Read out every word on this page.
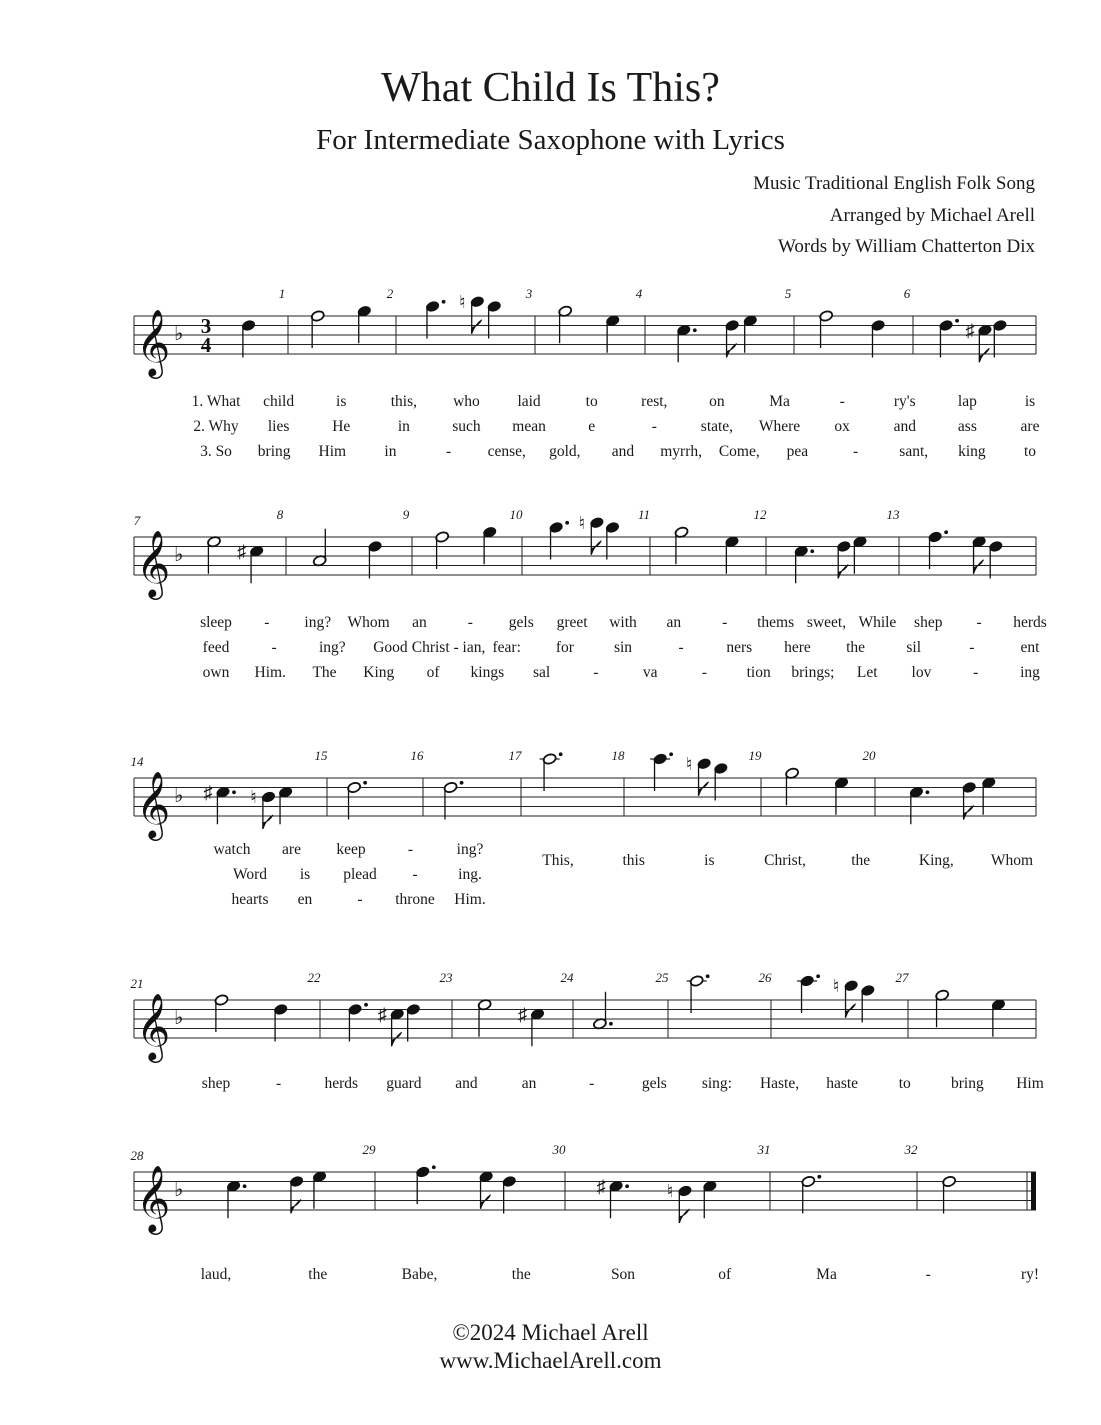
What Child Is This?
For Intermediate Saxophone with Lyrics
Music Traditional English Folk Song
Arranged by Michael Arell
Words by William Chatterton Dix
𝄞 ♭ 3
4
♮
♯
1	2	3	4	5	6
1. What child	is	this, who laid	to	rest,	on	Ma	-	ry's	lap	is
2. Why lies	He	in	such mean	e	-	state, Where ox	and	ass	are
3. So bring Him in	- cense, gold, and myrrh, Come, pea	-	sant, king to
𝄞 ♭	♯
♮
7	8	9	10	11	12	13
sleep - ing? Whom an	- gels greet with an	- thems sweet, While shep - herds
feed	-	ing? Good Christ - ian, fear: for	sin	-	ners here the	sil	-	ent
own Him. The King of kings sal	-	va	-	tion brings; Let lov	-	ing
𝄞 ♭ ♯ ♮
♮
14	15	16	17	18	19	20
watch are keep	-	ing?
This,	this	is	Christ,	the	King, Whom
Word is plead -	ing.
hearts en	- throne Him.
𝄞 ♭	♯	♯
♮
21	22	23	24	25	26	27
shep	-	herds guard and	an	-	gels sing: Haste, haste	to	bring Him
𝄞 ♭	♯	♮
28	29	30	31	32
laud,	the	Babe,	the	Son	of	Ma	-	ry!
©2024 Michael Arell
www.MichaelArell.com
